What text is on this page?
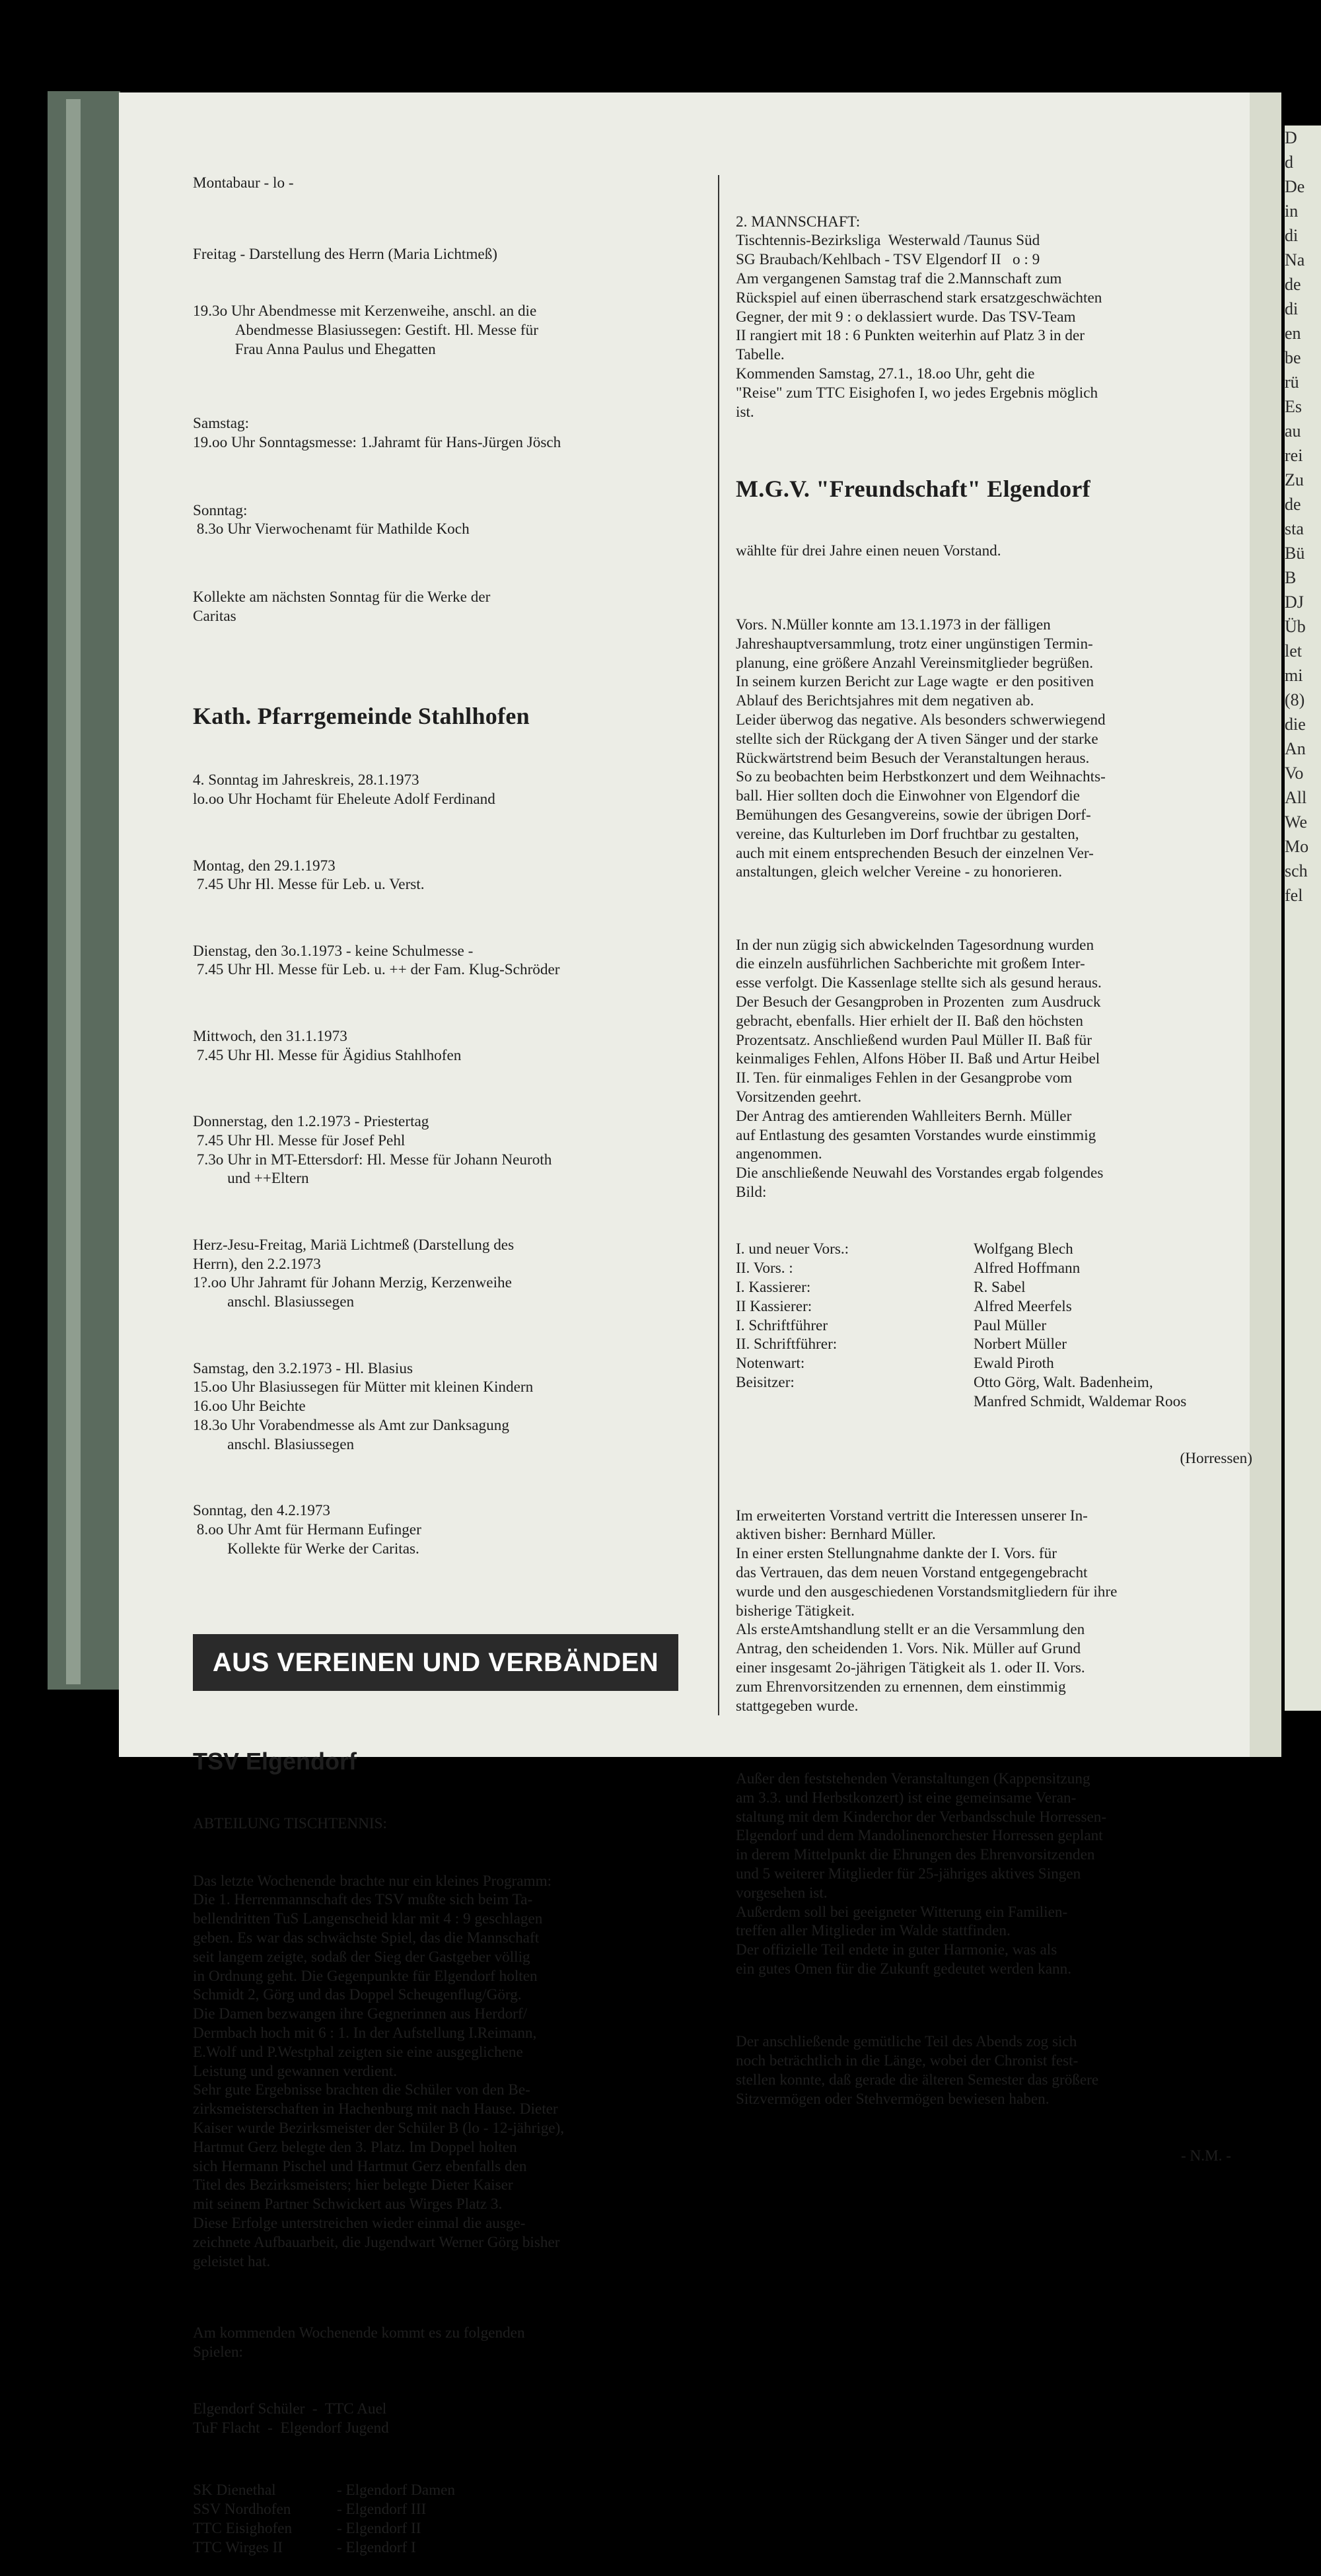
D
d
De
in
di
Na
de
di
en
be
rü
Es
au
rei
Zu
de
sta
Bü
B
DJ
Üb
let
mi
(8)
die
An
Vo
All
We
Mo
sch
fel

Montabaur - lo -

Freitag - Darstellung des Herrn (Maria Lichtmeß)

19.3o Uhr Abendmesse mit Kerzenweihe, anschl. an die
Abendmesse Blasiussegen: Gestift. Hl. Messe für
Frau Anna Paulus und Ehegatten

Samstag:
19.oo Uhr Sonntagsmesse: 1.Jahramt für Hans-Jürgen Jösch

Sonntag:
8.3o Uhr Vierwochenamt für Mathilde Koch

Kollekte am nächsten Sonntag für die Werke der
Caritas

Kath. Pfarrgemeinde Stahlhofen

4. Sonntag im Jahreskreis, 28.1.1973
lo.oo Uhr Hochamt für Eheleute Adolf Ferdinand

Montag, den 29.1.1973
7.45 Uhr Hl. Messe für Leb. u. Verst.

Dienstag, den 3o.1.1973 - keine Schulmesse -
7.45 Uhr Hl. Messe für Leb. u. ++ der Fam. Klug-Schröder

Mittwoch, den 31.1.1973
7.45 Uhr Hl. Messe für Ägidius Stahlhofen

Donnerstag, den 1.2.1973 - Priestertag
7.45 Uhr Hl. Messe für Josef Pehl
7.3o Uhr in MT-Ettersdorf: Hl. Messe für Johann Neuroth
und ++Eltern

Herz-Jesu-Freitag, Mariä Lichtmeß (Darstellung des
Herrn), den 2.2.1973
1?.oo Uhr Jahramt für Johann Merzig, Kerzenweihe
anschl. Blasiussegen

Samstag, den 3.2.1973 - Hl. Blasius
15.oo Uhr Blasiussegen für Mütter mit kleinen Kindern
16.oo Uhr Beichte
18.3o Uhr Vorabendmesse als Amt zur Danksagung
anschl. Blasiussegen

Sonntag, den 4.2.1973
8.oo Uhr Amt für Hermann Eufinger
Kollekte für Werke der Caritas.

AUS VEREINEN UND VERBÄNDEN

TSV Elgendorf

ABTEILUNG TISCHTENNIS:

Das letzte Wochenende brachte nur ein kleines Programm:
Die 1. Herrenmannschaft des TSV mußte sich beim Ta-
bellendritten TuS Langenscheid klar mit 4 : 9 geschlagen
geben. Es war das schwächste Spiel, das die Mannschaft
seit langem zeigte, sodaß der Sieg der Gastgeber völlig
in Ordnung geht. Die Gegenpunkte für Elgendorf holten
Schmidt 2, Görg und das Doppel Scheugenflug/Görg.
Die Damen bezwangen ihre Gegnerinnen aus Herdorf/
Dermbach hoch mit 6 : 1. In der Aufstellung I.Reimann,
E.Wolf und P.Westphal zeigten sie eine ausgeglichene
Leistung und gewannen verdient.
Sehr gute Ergebnisse brachten die Schüler von den Be-
zirksmeisterschaften in Hachenburg mit nach Hause. Dieter
Kaiser wurde Bezirksmeister der Schüler B (lo - 12-jährige),
Hartmut Gerz belegte den 3. Platz. Im Doppel holten
sich Hermann Pischel und Hartmut Gerz ebenfalls den
Titel des Bezirksmeisters; hier belegte Dieter Kaiser
mit seinem Partner Schwickert aus Wirges Platz 3.
Diese Erfolge unterstreichen wieder einmal die ausge-
zeichnete Aufbauarbeit, die Jugendwart Werner Görg bisher
geleistet hat.

Am kommenden Wochenende kommt es zu folgenden
Spielen:

Elgendorf Schüler  -  TTC Auel
TuF Flacht  -  Elgendorf Jugend

SK Dienethal	- Elgendorf Damen
SSV Nordhofen	- Elgendorf III
TTC Eisighofen	- Elgendorf II
TTC Wirges II	- Elgendorf I

2. MANNSCHAFT:
Tischtennis-Bezirksliga  Westerwald /Taunus Süd
SG Braubach/Kehlbach - TSV Elgendorf II   o : 9
Am vergangenen Samstag traf die 2.Mannschaft zum
Rückspiel auf einen überraschend stark ersatzgeschwächten
Gegner, der mit 9 : o deklassiert wurde. Das TSV-Team
II rangiert mit 18 : 6 Punkten weiterhin auf Platz 3 in der
Tabelle.
Kommenden Samstag, 27.1., 18.oo Uhr, geht die
"Reise" zum TTC Eisighofen I, wo jedes Ergebnis möglich
ist.

M.G.V. "Freundschaft" Elgendorf

wählte für drei Jahre einen neuen Vorstand.

Vors. N.Müller konnte am 13.1.1973 in der fälligen
Jahreshauptversammlung, trotz einer ungünstigen Termin-
planung, eine größere Anzahl Vereinsmitglieder begrüßen.
In seinem kurzen Bericht zur Lage wagte  er den positiven
Ablauf des Berichtsjahres mit dem negativen ab.
Leider überwog das negative. Als besonders schwerwiegend
stellte sich der Rückgang der A tiven Sänger und der starke
Rückwärtstrend beim Besuch der Veranstaltungen heraus.
So zu beobachten beim Herbstkonzert und dem Weihnachts-
ball. Hier sollten doch die Einwohner von Elgendorf die
Bemühungen des Gesangvereins, sowie der übrigen Dorf-
vereine, das Kulturleben im Dorf fruchtbar zu gestalten,
auch mit einem entsprechenden Besuch der einzelnen Ver-
anstaltungen, gleich welcher Vereine - zu honorieren.

In der nun zügig sich abwickelnden Tagesordnung wurden
die einzeln ausführlichen Sachberichte mit großem Inter-
esse verfolgt. Die Kassenlage stellte sich als gesund heraus.
Der Besuch der Gesangproben in Prozenten  zum Ausdruck
gebracht, ebenfalls. Hier erhielt der II. Baß den höchsten
Prozentsatz. Anschließend wurden Paul Müller II. Baß für
keinmaliges Fehlen, Alfons Höber II. Baß und Artur Heibel
II. Ten. für einmaliges Fehlen in der Gesangprobe vom
Vorsitzenden geehrt.
Der Antrag des amtierenden Wahlleiters Bernh. Müller
auf Entlastung des gesamten Vorstandes wurde einstimmig
angenommen.
Die anschließende Neuwahl des Vorstandes ergab folgendes
Bild:

I. und neuer Vors.:	Wolfgang Blech
II. Vors. :	Alfred Hoffmann
I. Kassierer:	R. Sabel
II Kassierer:	Alfred Meerfels
I. Schriftführer	Paul Müller
II. Schriftführer:	Norbert Müller
Notenwart:	Ewald Piroth
Beisitzer:	Otto Görg, Walt. Badenheim,
Manfred Schmidt, Waldemar Roos

(Horressen)

Im erweiterten Vorstand vertritt die Interessen unserer In-
aktiven bisher: Bernhard Müller.
In einer ersten Stellungnahme dankte der I. Vors. für
das Vertrauen, das dem neuen Vorstand entgegengebracht
wurde und den ausgeschiedenen Vorstandsmitgliedern für ihre
bisherige Tätigkeit.
Als ersteAmtshandlung stellt er an die Versammlung den
Antrag, den scheidenden 1. Vors. Nik. Müller auf Grund
einer insgesamt 2o-jährigen Tätigkeit als 1. oder II. Vors.
zum Ehrenvorsitzenden zu ernennen, dem einstimmig
stattgegeben wurde.

Außer den feststehenden Veranstaltungen (Kappensitzung
am 3.3. und Herbstkonzert) ist eine gemeinsame Veran-
staltung mit dem Kinderchor der Verbandsschule Horressen-
Elgendorf und dem Mandolinenorchester Horressen geplant
in derem Mittelpunkt die Ehrungen des Ehrenvorsitzenden
und 5 weiterer Mitglieder für 25-jähriges aktives Singen
vorgesehen ist.
Außerdem soll bei geeigneter Witterung ein Familien-
treffen aller Mitglieder im Walde stattfinden.
Der offizielle Teil endete in guter Harmonie, was als
ein gutes Omen für die Zukunft gedeutet werden kann.

Der anschließende gemütliche Teil des Abends zog sich
noch beträchtlich in die Länge, wobei der Chronist fest-
stellen konnte, daß gerade die älteren Semester das größere
Sitzvermögen oder Stehvermögen bewiesen haben.

- N.M. -
